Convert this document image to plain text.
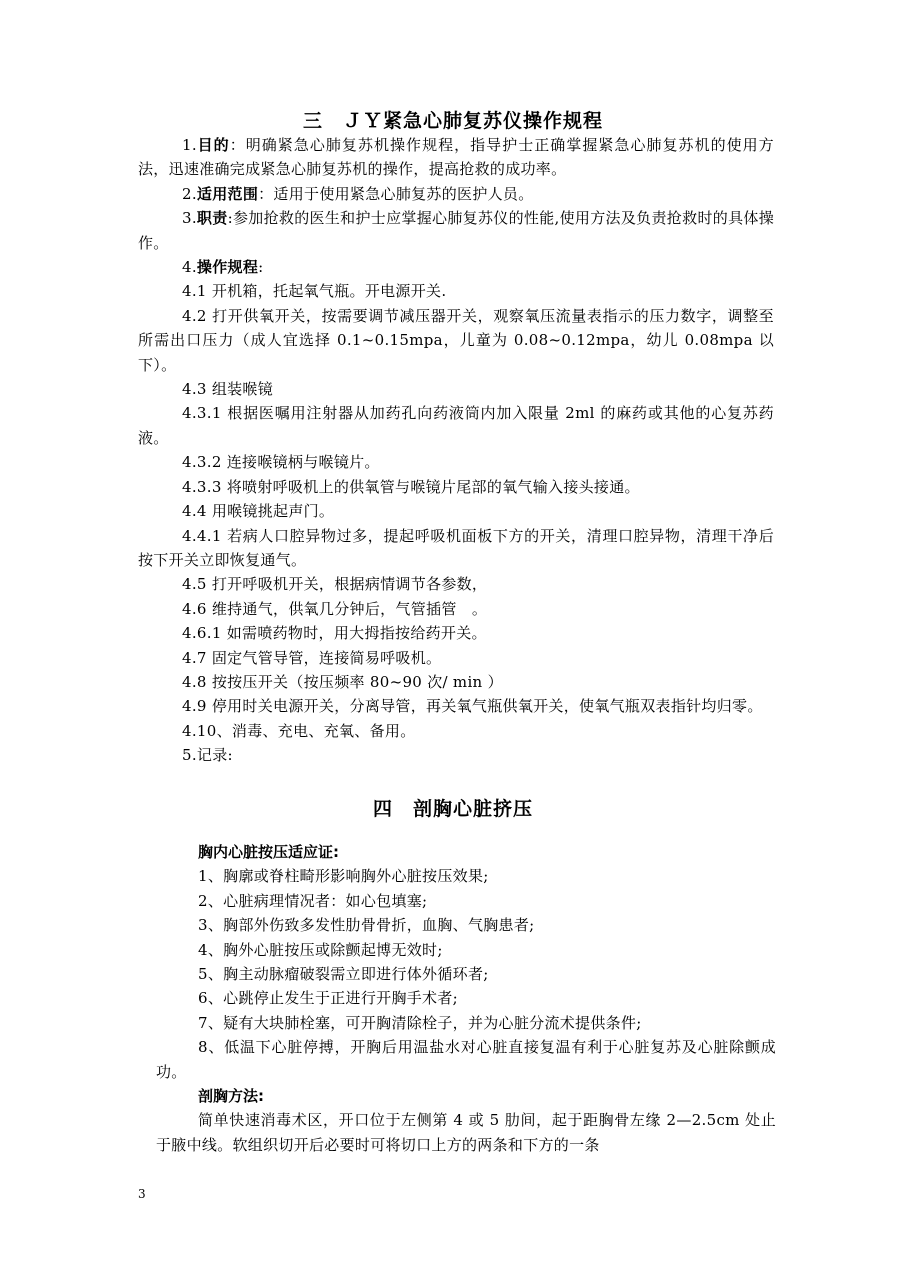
三　ＪＹ紧急心肺复苏仪操作规程

1.目的：明确紧急心肺复苏机操作规程，指导护士正确掌握紧急心肺复苏机的使用方法，迅速准确完成紧急心肺复苏机的操作，提高抢救的成功率。

2.适用范围：适用于使用紧急心肺复苏的医护人员。

3.职责:参加抢救的医生和护士应掌握心肺复苏仪的性能,使用方法及负责抢救时的具体操作。

4.操作规程:

4.1 开机箱，托起氧气瓶。开电源开关.

4.2 打开供氧开关，按需要调节减压器开关，观察氧压流量表指示的压力数字，调整至所需出口压力（成人宜选择 0.1~0.15mpa，儿童为 0.08~0.12mpa，幼儿 0.08mpa 以下）。

4.3 组装喉镜

4.3.1 根据医嘱用注射器从加药孔向药液筒内加入限量 2ml 的麻药或其他的心复苏药液。

4.3.2 连接喉镜柄与喉镜片。

4.3.3 将喷射呼吸机上的供氧管与喉镜片尾部的氧气输入接头接通。

4.4 用喉镜挑起声门。

4.4.1 若病人口腔异物过多，提起呼吸机面板下方的开关，清理口腔异物，清理干净后按下开关立即恢复通气。

4.5 打开呼吸机开关，根据病情调节各参数，

4.6 维持通气，供氧几分钟后，气管插管　。

4.6.1 如需喷药物时，用大拇指按给药开关。

4.7 固定气管导管，连接简易呼吸机。

4.8 按按压开关（按压频率 80~90 次/ min ）

4.9 停用时关电源开关，分离导管，再关氧气瓶供氧开关，使氧气瓶双表指针均归零。

4.10、消毒、充电、充氧、备用。

5.记录:

四　剖胸心脏挤压

胸内心脏按压适应证:

1、胸廓或脊柱畸形影响胸外心脏按压效果;

2、心脏病理情况者：如心包填塞;

3、胸部外伤致多发性肋骨骨折，血胸、气胸患者;

4、胸外心脏按压或除颤起博无效时;

5、胸主动脉瘤破裂需立即进行体外循环者;

6、心跳停止发生于正进行开胸手术者;

7、疑有大块肺栓塞，可开胸清除栓子，并为心脏分流术提供条件;

8、低温下心脏停搏，开胸后用温盐水对心脏直接复温有利于心脏复苏及心脏除颤成功。

剖胸方法:

简单快速消毒术区，开口位于左侧第 4 或 5 肋间，起于距胸骨左缘 2—2.5cm 处止于腋中线。软组织切开后必要时可将切口上方的两条和下方的一条

3
